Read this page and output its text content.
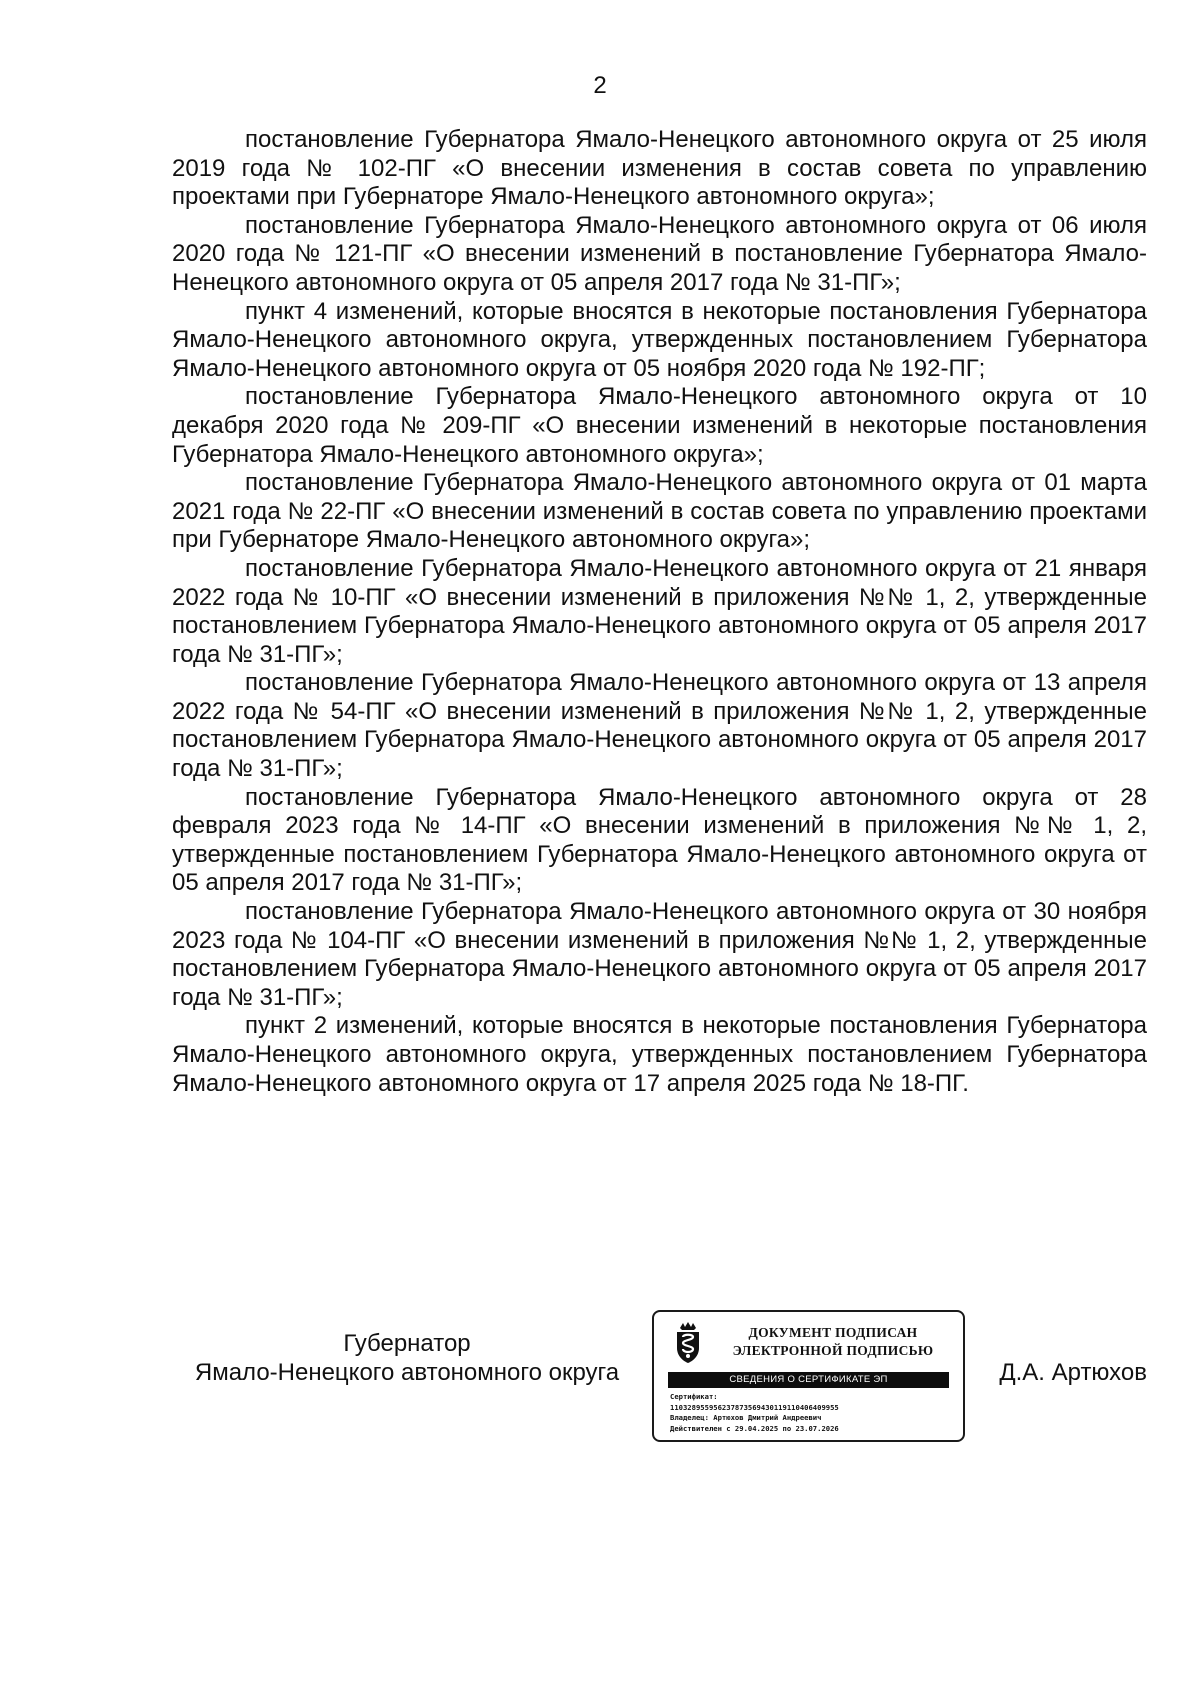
2

постановление Губернатора Ямало-Ненецкого автономного округа от 25 июля 2019 года № 102-ПГ «О внесении изменения в состав совета по управлению проектами при Губернаторе Ямало-Ненецкого автономного округа»;

постановление Губернатора Ямало-Ненецкого автономного округа от 06 июля 2020 года № 121-ПГ «О внесении изменений в постановление Губернатора Ямало-Ненецкого автономного округа от 05 апреля 2017 года № 31-ПГ»;

пункт 4 изменений, которые вносятся в некоторые постановления Губернатора Ямало-Ненецкого автономного округа, утвержденных постановлением Губернатора Ямало-Ненецкого автономного округа от 05 ноября 2020 года № 192-ПГ;

постановление Губернатора Ямало-Ненецкого автономного округа от 10 декабря 2020 года № 209-ПГ «О внесении изменений в некоторые постановления Губернатора Ямало-Ненецкого автономного округа»;

постановление Губернатора Ямало-Ненецкого автономного округа от 01 марта 2021 года № 22-ПГ «О внесении изменений в состав совета по управлению проектами при Губернаторе Ямало-Ненецкого автономного округа»;

постановление Губернатора Ямало-Ненецкого автономного округа от 21 января 2022 года № 10-ПГ «О внесении изменений в приложения №№ 1, 2, утвержденные постановлением Губернатора Ямало-Ненецкого автономного округа от 05 апреля 2017 года № 31-ПГ»;

постановление Губернатора Ямало-Ненецкого автономного округа от 13 апреля 2022 года № 54-ПГ «О внесении изменений в приложения №№ 1, 2, утвержденные постановлением Губернатора Ямало-Ненецкого автономного округа от 05 апреля 2017 года № 31-ПГ»;

постановление Губернатора Ямало-Ненецкого автономного округа от 28 февраля 2023 года № 14-ПГ «О внесении изменений в приложения №№ 1, 2, утвержденные постановлением Губернатора Ямало-Ненецкого автономного округа от 05 апреля 2017 года № 31-ПГ»;

постановление Губернатора Ямало-Ненецкого автономного округа от 30 ноября 2023 года № 104-ПГ «О внесении изменений в приложения №№ 1, 2, утвержденные постановлением Губернатора Ямало-Ненецкого автономного округа от 05 апреля 2017 года № 31-ПГ»;

пункт 2 изменений, которые вносятся в некоторые постановления Губернатора Ямало-Ненецкого автономного округа, утвержденных постановлением Губернатора Ямало-Ненецкого автономного округа от 17 апреля 2025 года № 18-ПГ.

Губернатор
Ямало-Ненецкого автономного округа
ДОКУМЕНТ ПОДПИСАН
ЭЛЕКТРОННОЙ ПОДПИСЬЮ
СВЕДЕНИЯ О СЕРТИФИКАТЕ ЭП
Сертификат:
110328955956237873569430119110406409955
Владелец: Артюхов Дмитрий Андреевич
Действителен с 29.04.2025 по 23.07.2026
Д.А. Артюхов
